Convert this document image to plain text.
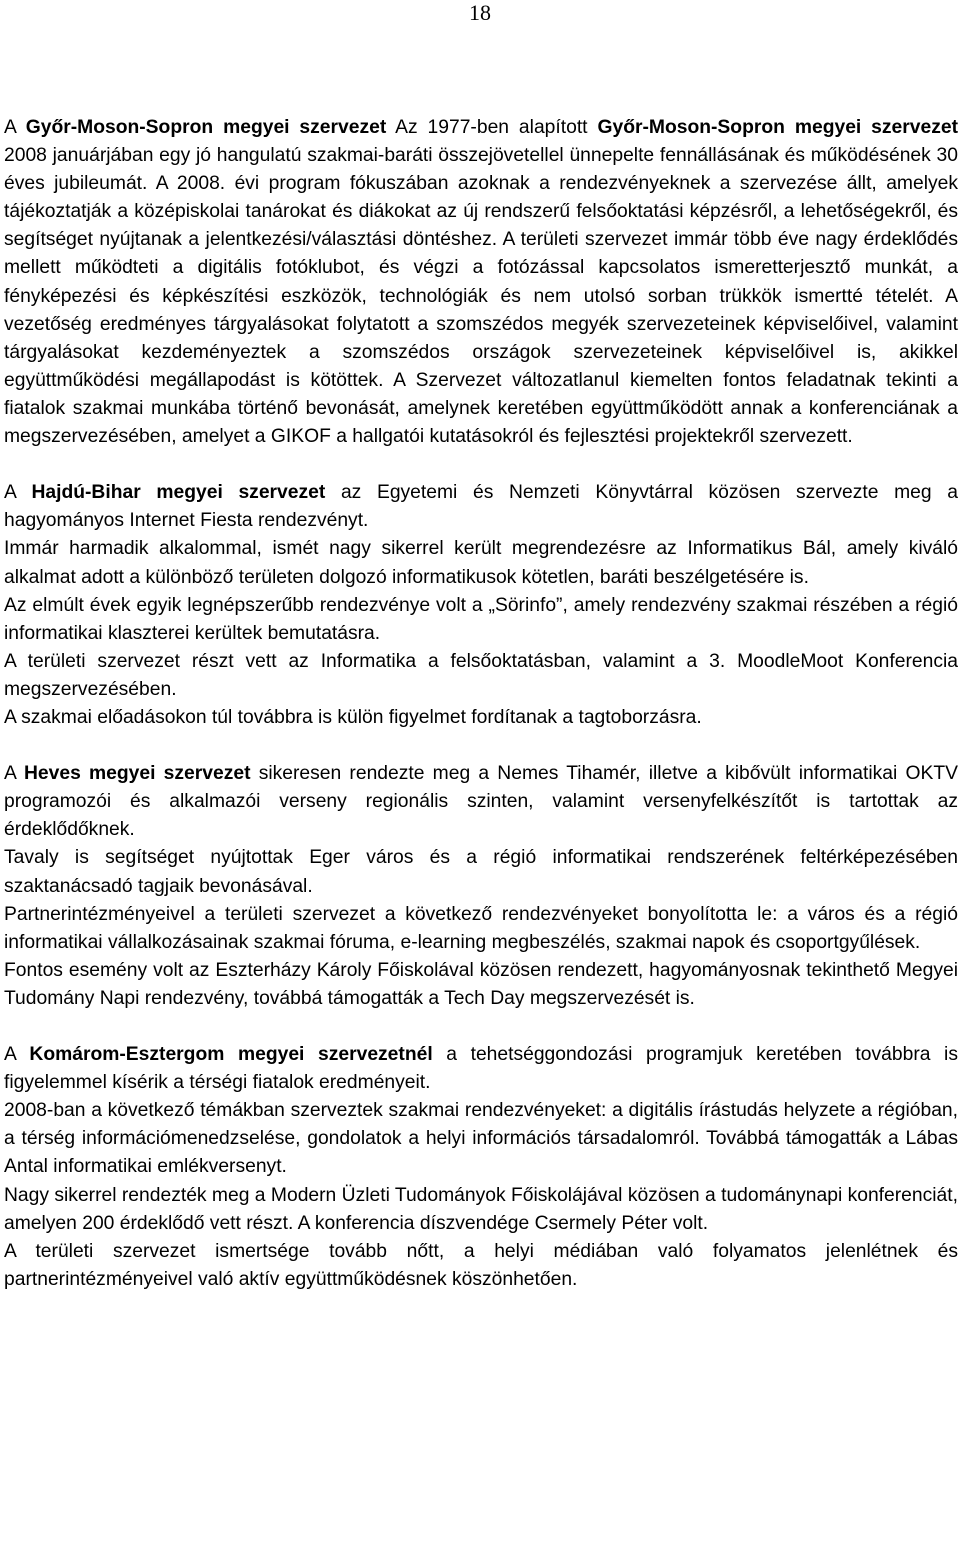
18

A Győr-Moson-Sopron megyei szervezet Az 1977-ben alapított Győr-Moson-Sopron megyei szervezet 2008 januárjában egy jó hangulatú szakmai-baráti összejövetellel ünnepelte fennállásának és működésének 30 éves jubileumát. A 2008. évi program fókuszában azoknak a rendezvényeknek a szervezése állt, amelyek tájékoztatják a középiskolai tanárokat és diákokat az új rendszerű felsőoktatási képzésről, a lehetőségekről, és segítséget nyújtanak a jelentkezési/választási döntéshez. A területi szervezet immár több éve nagy érdeklődés mellett működteti a digitális fotóklubot, és végzi a fotózással kapcsolatos ismeretterjesztő munkát, a fényképezési és képkészítési eszközök, technológiák és nem utolsó sorban trükkök ismertté tételét. A vezetőség eredményes tárgyalásokat folytatott a szomszédos megyék szervezeteinek képviselőivel, valamint tárgyalásokat kezdeményeztek a szomszédos országok szervezeteinek képviselőivel is, akikkel együttműködési megállapodást is kötöttek. A Szervezet változatlanul kiemelten fontos feladatnak tekinti a fiatalok szakmai munkába történő bevonását, amelynek keretében együttműködött annak a konferenciának a megszervezésében, amelyet a GIKOF a hallgatói kutatásokról és fejlesztési projektekről szervezett.

A Hajdú-Bihar megyei szervezet az Egyetemi és Nemzeti Könyvtárral közösen szervezte meg a hagyományos Internet Fiesta rendezvényt.

Immár harmadik alkalommal, ismét nagy sikerrel került megrendezésre az Informatikus Bál, amely kiváló alkalmat adott a különböző területen dolgozó informatikusok kötetlen, baráti beszélgetésére is.

Az elmúlt évek egyik legnépszerűbb rendezvénye volt a „Sörinfo”, amely rendezvény szakmai részében a régió informatikai klaszterei kerültek bemutatásra.

A területi szervezet részt vett az Informatika a felsőoktatásban, valamint a 3. MoodleMoot Konferencia megszervezésében.

A szakmai előadásokon túl továbbra is külön figyelmet fordítanak a tagtoborzásra.

A Heves megyei szervezet sikeresen rendezte meg a Nemes Tihamér, illetve a kibővült informatikai OKTV programozói és alkalmazói verseny regionális szinten, valamint versenyfelkészítőt is tartottak az érdeklődőknek.

Tavaly is segítséget nyújtottak Eger város és a régió informatikai rendszerének feltérképezésében szaktanácsadó tagjaik bevonásával.

Partnerintézményeivel a területi szervezet a következő rendezvényeket bonyolította le: a város és a régió informatikai vállalkozásainak szakmai fóruma, e-learning megbeszélés, szakmai napok és csoportgyűlések.

Fontos esemény volt az Eszterházy Károly Főiskolával közösen rendezett, hagyományosnak tekinthető Megyei Tudomány Napi rendezvény, továbbá támogatták a Tech Day megszervezését is.

A Komárom-Esztergom megyei szervezetnél a tehetséggondozási programjuk keretében továbbra is figyelemmel kísérik a térségi fiatalok eredményeit.

2008-ban a következő témákban szerveztek szakmai rendezvényeket: a digitális írástudás helyzete a régióban, a térség információmenedzselése, gondolatok a helyi információs társadalomról. Továbbá támogatták a Lábas Antal informatikai emlékversenyt.

Nagy sikerrel rendezték meg a Modern Üzleti Tudományok Főiskolájával közösen a tudománynapi konferenciát, amelyen 200 érdeklődő vett részt. A konferencia díszvendége Csermely Péter volt.

A területi szervezet ismertsége tovább nőtt, a helyi médiában való folyamatos jelenlétnek és partnerintézményeivel való aktív együttműködésnek köszönhetően.
